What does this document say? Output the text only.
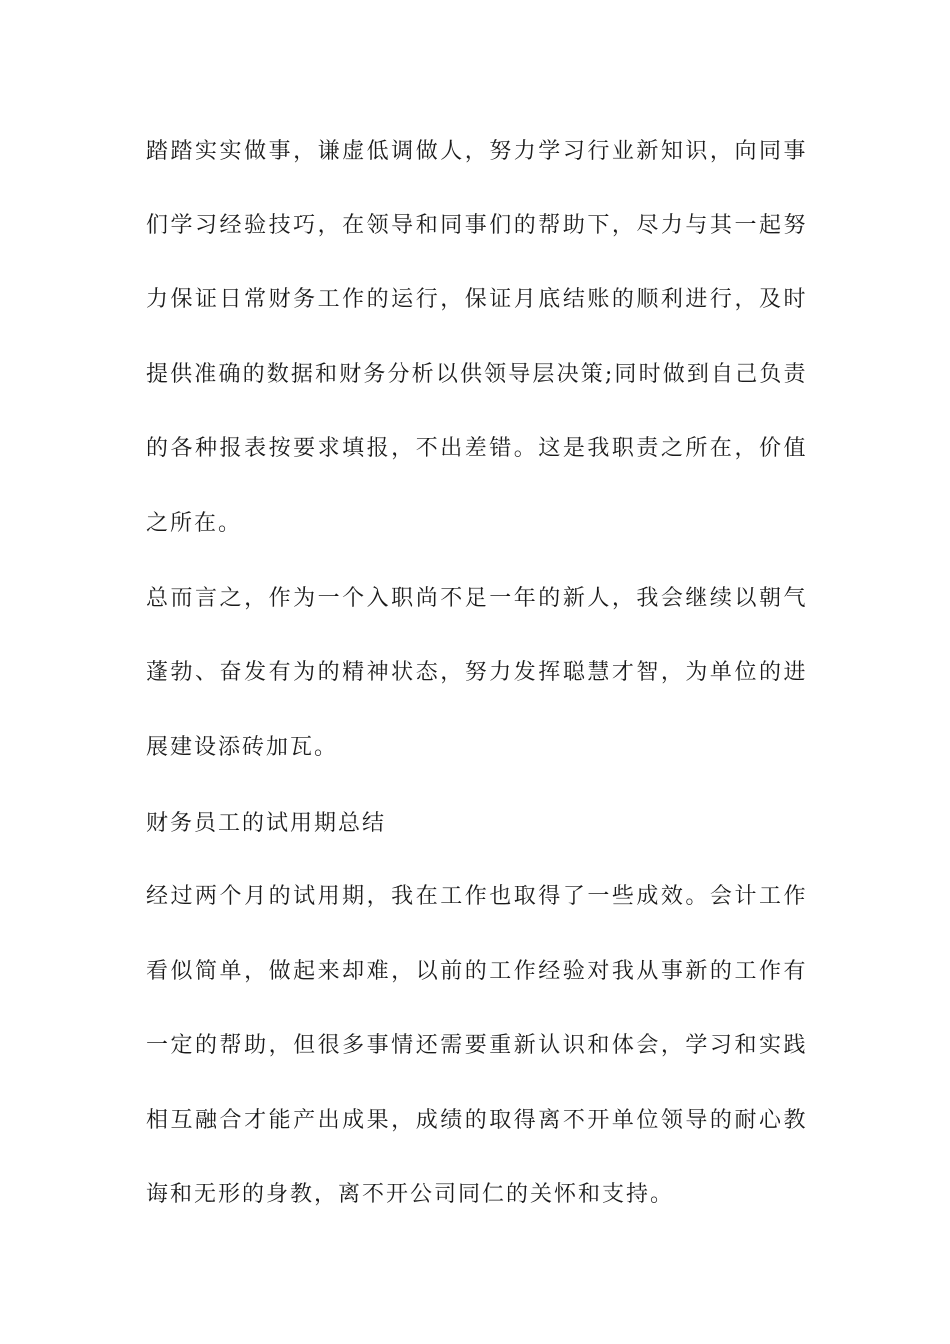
踏踏实实做事，谦虚低调做人，努力学习行业新知识，向同事

们学习经验技巧，在领导和同事们的帮助下，尽力与其一起努

力保证日常财务工作的运行，保证月底结账的顺利进行，及时

提供准确的数据和财务分析以供领导层决策;同时做到自己负责

的各种报表按要求填报，不出差错。这是我职责之所在，价值

之所在。

总而言之，作为一个入职尚不足一年的新人，我会继续以朝气

蓬勃、奋发有为的精神状态，努力发挥聪慧才智，为单位的进

展建设添砖加瓦。

财务员工的试用期总结

经过两个月的试用期，我在工作也取得了一些成效。会计工作

看似简单，做起来却难，以前的工作经验对我从事新的工作有

一定的帮助，但很多事情还需要重新认识和体会，学习和实践

相互融合才能产出成果，成绩的取得离不开单位领导的耐心教

诲和无形的身教，离不开公司同仁的关怀和支持。
